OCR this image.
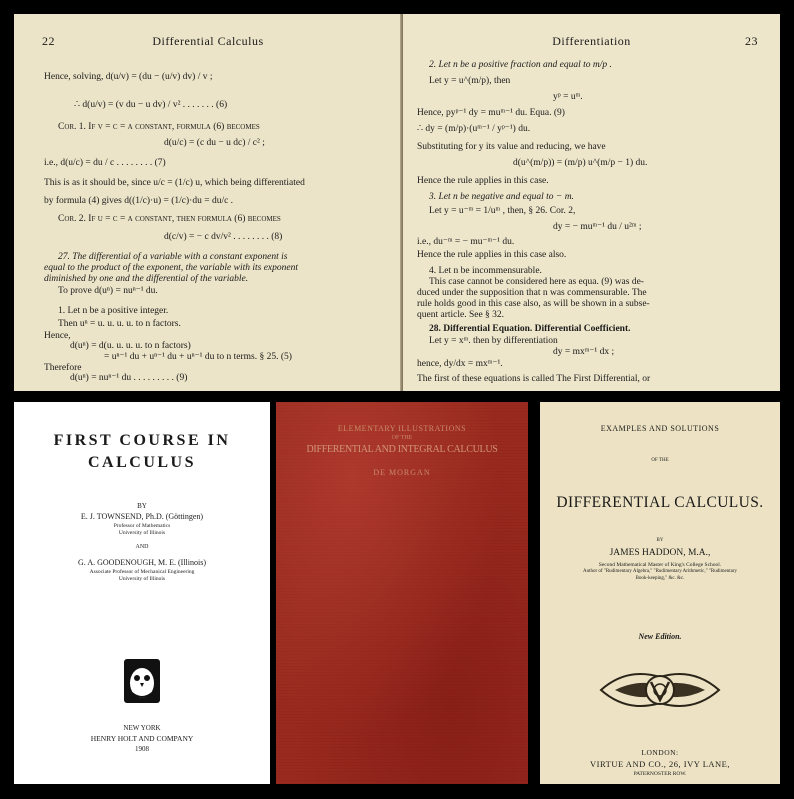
22	Differential Calculus
Hence, solving, d(u/v) = (du − (u/v) dv) / v ;
∴ d(u/v) = (v du − u dv) / v² . . . . . . . (6)
Cor. 1. If v = c = a constant, formula (6) becomes
d(u/c) = (c du − u dc) / c² ;
i.e., d(u/c) = du / c . . . . . . . . (7)
This is as it should be, since u/c = (1/c) u, which being differentiated
by formula (4) gives d((1/c)·u) = (1/c)·du = du/c .
Cor. 2. If u = c = a constant, then formula (6) becomes
d(c/v) = − c dv/v² . . . . . . . . (8)
27. The differential of a variable with a constant exponent is
equal to the product of the exponent, the variable with its exponent
diminished by one and the differential of the variable.
To prove d(uⁿ) = nuⁿ⁻¹ du.
1. Let n be a positive integer.
Then uⁿ = u. u. u. u. to n factors.
Hence,
d(uⁿ) = d(u. u. u. u. to n factors)
= uⁿ⁻¹ du + uⁿ⁻¹ du + uⁿ⁻¹ du to n terms. § 25. (5)
Therefore
d(uⁿ) = nuⁿ⁻¹ du . . . . . . . . . (9)
Differentiation	23
2. Let n be a positive fraction and equal to m/p .
Let y = u^(m/p), then
yᵖ = uᵐ.
Hence, pyᵖ⁻¹ dy = muᵐ⁻¹ du. Equa. (9)
∴ dy = (m/p)·(uᵐ⁻¹ / yᵖ⁻¹) du.
Substituting for y its value and reducing, we have
d(u^(m/p)) = (m/p) u^(m/p − 1) du.
Hence the rule applies in this case.
3. Let n be negative and equal to − m.
Let y = u⁻ᵐ = 1/uᵐ , then, § 26. Cor. 2,
dy = − muᵐ⁻¹ du / u²ᵐ ;
i.e., du⁻ᵐ = − mu⁻ᵐ⁻¹ du.
Hence the rule applies in this case also.
4. Let n be incommensurable.
This case cannot be considered here as equa. (9) was de-
duced under the supposition that n was commensurable. The
rule holds good in this case also, as will be shown in a subse-
quent article. See § 32.
28. Differential Equation. Differential Coefficient.
Let y = xᵐ. then by differentiation
dy = mxᵐ⁻¹ dx ;
hence, dy/dx = mxᵐ⁻¹.
The first of these equations is called The First Differential, or
FIRST COURSE IN
CALCULUS
BY
E. J. TOWNSEND, Ph.D. (Göttingen)
Professor of Mathematics
University of Illinois
AND
G. A. GOODENOUGH, M. E. (Illinois)
Associate Professor of Mechanical Engineering
University of Illinois
NEW YORK
HENRY HOLT AND COMPANY
1908
ELEMENTARY ILLUSTRATIONS
OF THE
DIFFERENTIAL AND INTEGRAL CALCULUS
DE MORGAN
EXAMPLES AND SOLUTIONS
OF THE
DIFFERENTIAL CALCULUS.
BY
JAMES HADDON, M.A.,
Second Mathematical Master of King's College School.
Author of "Rudimentary Algebra," "Rudimentary Arithmetic," "Rudimentary
Book-keeping," &c. &c.
New Edition.
LONDON:
VIRTUE AND CO., 26, IVY LANE,
PATERNOSTER ROW.
